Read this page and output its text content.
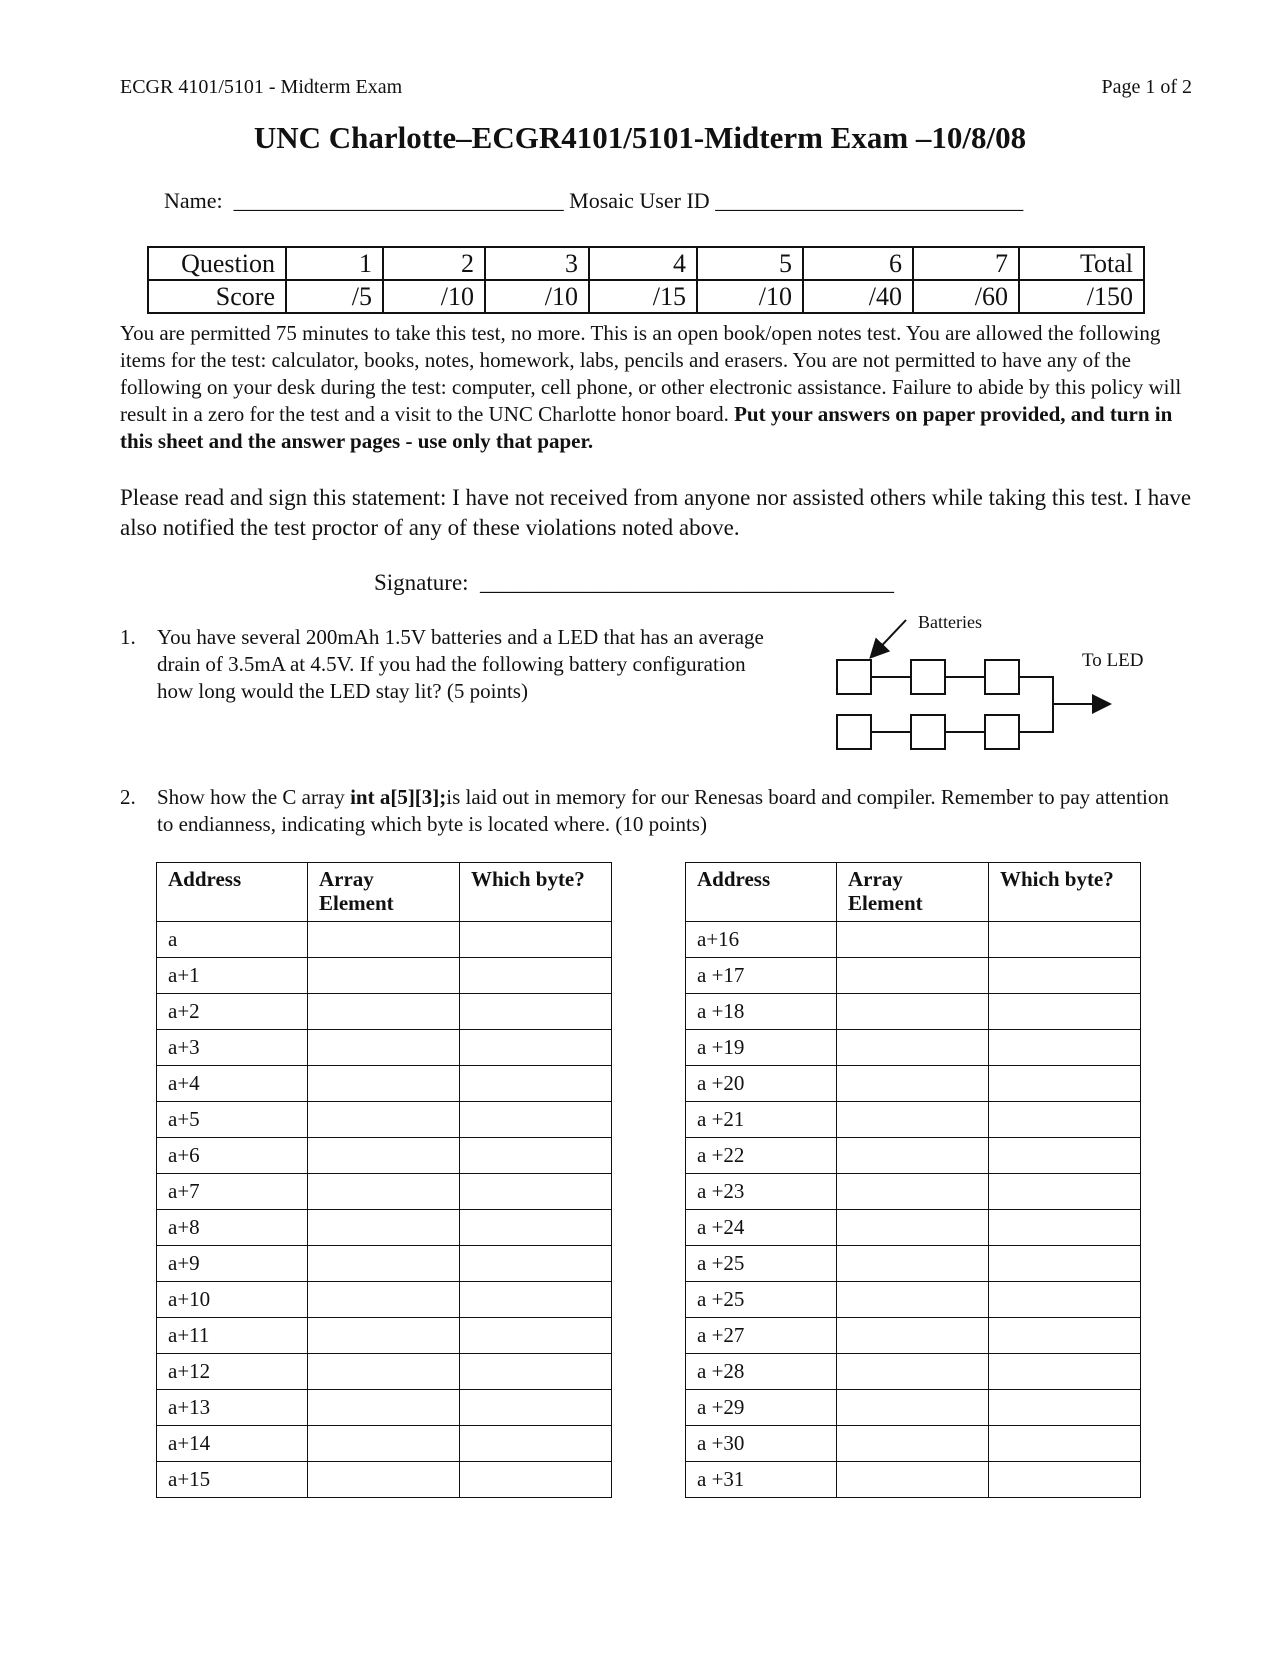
ECGR 4101/5101 - Midterm Exam	Page 1 of 2
UNC Charlotte–ECGR4101/5101-Midterm Exam –10/8/08
Name: ______________________________ Mosaic User ID ____________________________
Question	1	2	3	4	5	6	7	Total
Score	/5	/10	/10	/15	/10	/40	/60	/150
You are permitted 75 minutes to take this test, no more. This is an open book/open notes test. You are allowed the following items for the test: calculator, books, notes, homework, labs, pencils and erasers. You are not permitted to have any of the following on your desk during the test: computer, cell phone, or other electronic assistance. Failure to abide by this policy will result in a zero for the test and a visit to the UNC Charlotte honor board. Put your answers on paper provided, and turn in this sheet and the answer pages - use only that paper.
Please read and sign this statement: I have not received from anyone nor assisted others while taking this test. I have also notified the test proctor of any of these violations noted above.
Signature: ____________________________________
1. You have several 200mAh 1.5V batteries and a LED that has an average drain of 3.5mA at 4.5V. If you had the following battery configuration how long would the LED stay lit? (5 points)
Batteries
To LED
2. Show how the C array int a[5][3];is laid out in memory for our Renesas board and compiler. Remember to pay attention to endianness, indicating which byte is located where. (10 points)
Address	Array Element	Which byte?
a		
a+1		
a+2		
a+3		
a+4		
a+5		
a+6		
a+7		
a+8		
a+9		
a+10		
a+11		
a+12		
a+13		
a+14		
a+15		
Address	Array Element	Which byte?
a+16		
a +17		
a +18		
a +19		
a +20		
a +21		
a +22		
a +23		
a +24		
a +25		
a +25		
a +27		
a +28		
a +29		
a +30		
a +31		
